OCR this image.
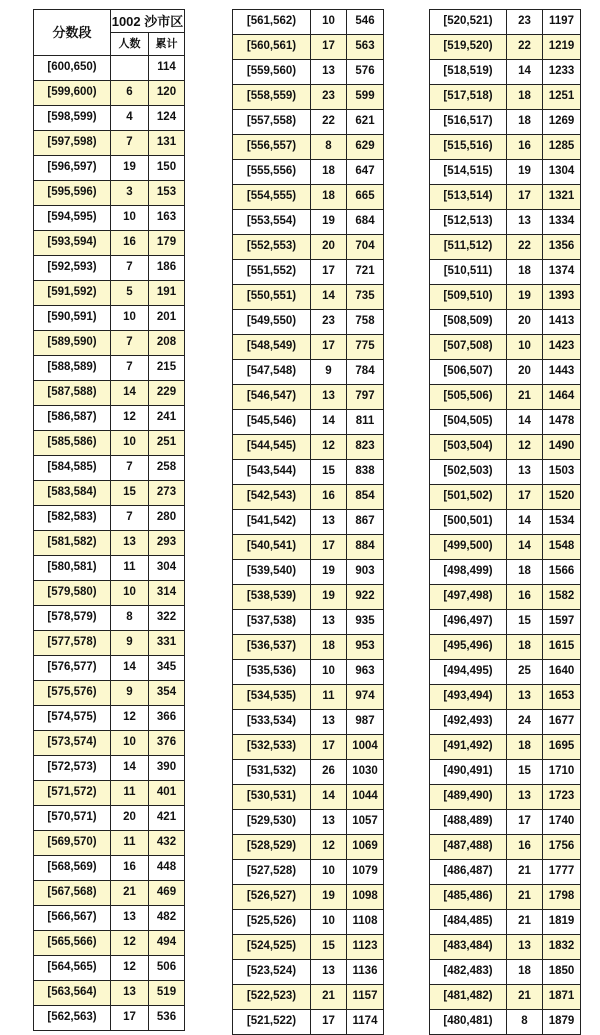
分数段	1002 沙市区	
	人数	累计
[600,650)		114
[599,600)	6	120
[598,599)	4	124
[597,598)	7	131
[596,597)	19	150
[595,596)	3	153
[594,595)	10	163
[593,594)	16	179
[592,593)	7	186
[591,592)	5	191
[590,591)	10	201
[589,590)	7	208
[588,589)	7	215
[587,588)	14	229
[586,587)	12	241
[585,586)	10	251
[584,585)	7	258
[583,584)	15	273
[582,583)	7	280
[581,582)	13	293
[580,581)	11	304
[579,580)	10	314
[578,579)	8	322
[577,578)	9	331
[576,577)	14	345
[575,576)	9	354
[574,575)	12	366
[573,574)	10	376
[572,573)	14	390
[571,572)	11	401
[570,571)	20	421
[569,570)	11	432
[568,569)	16	448
[567,568)	21	469
[566,567)	13	482
[565,566)	12	494
[564,565)	12	506
[563,564)	13	519
[562,563)	17	536
[561,562)	10	546
[560,561)	17	563
[559,560)	13	576
[558,559)	23	599
[557,558)	22	621
[556,557)	8	629
[555,556)	18	647
[554,555)	18	665
[553,554)	19	684
[552,553)	20	704
[551,552)	17	721
[550,551)	14	735
[549,550)	23	758
[548,549)	17	775
[547,548)	9	784
[546,547)	13	797
[545,546)	14	811
[544,545)	12	823
[543,544)	15	838
[542,543)	16	854
[541,542)	13	867
[540,541)	17	884
[539,540)	19	903
[538,539)	19	922
[537,538)	13	935
[536,537)	18	953
[535,536)	10	963
[534,535)	11	974
[533,534)	13	987
[532,533)	17	1004
[531,532)	26	1030
[530,531)	14	1044
[529,530)	13	1057
[528,529)	12	1069
[527,528)	10	1079
[526,527)	19	1098
[525,526)	10	1108
[524,525)	15	1123
[523,524)	13	1136
[522,523)	21	1157
[521,522)	17	1174
[520,521)	23	1197
[519,520)	22	1219
[518,519)	14	1233
[517,518)	18	1251
[516,517)	18	1269
[515,516)	16	1285
[514,515)	19	1304
[513,514)	17	1321
[512,513)	13	1334
[511,512)	22	1356
[510,511)	18	1374
[509,510)	19	1393
[508,509)	20	1413
[507,508)	10	1423
[506,507)	20	1443
[505,506)	21	1464
[504,505)	14	1478
[503,504)	12	1490
[502,503)	13	1503
[501,502)	17	1520
[500,501)	14	1534
[499,500)	14	1548
[498,499)	18	1566
[497,498)	16	1582
[496,497)	15	1597
[495,496)	18	1615
[494,495)	25	1640
[493,494)	13	1653
[492,493)	24	1677
[491,492)	18	1695
[490,491)	15	1710
[489,490)	13	1723
[488,489)	17	1740
[487,488)	16	1756
[486,487)	21	1777
[485,486)	21	1798
[484,485)	21	1819
[483,484)	13	1832
[482,483)	18	1850
[481,482)	21	1871
[480,481)	8	1879
